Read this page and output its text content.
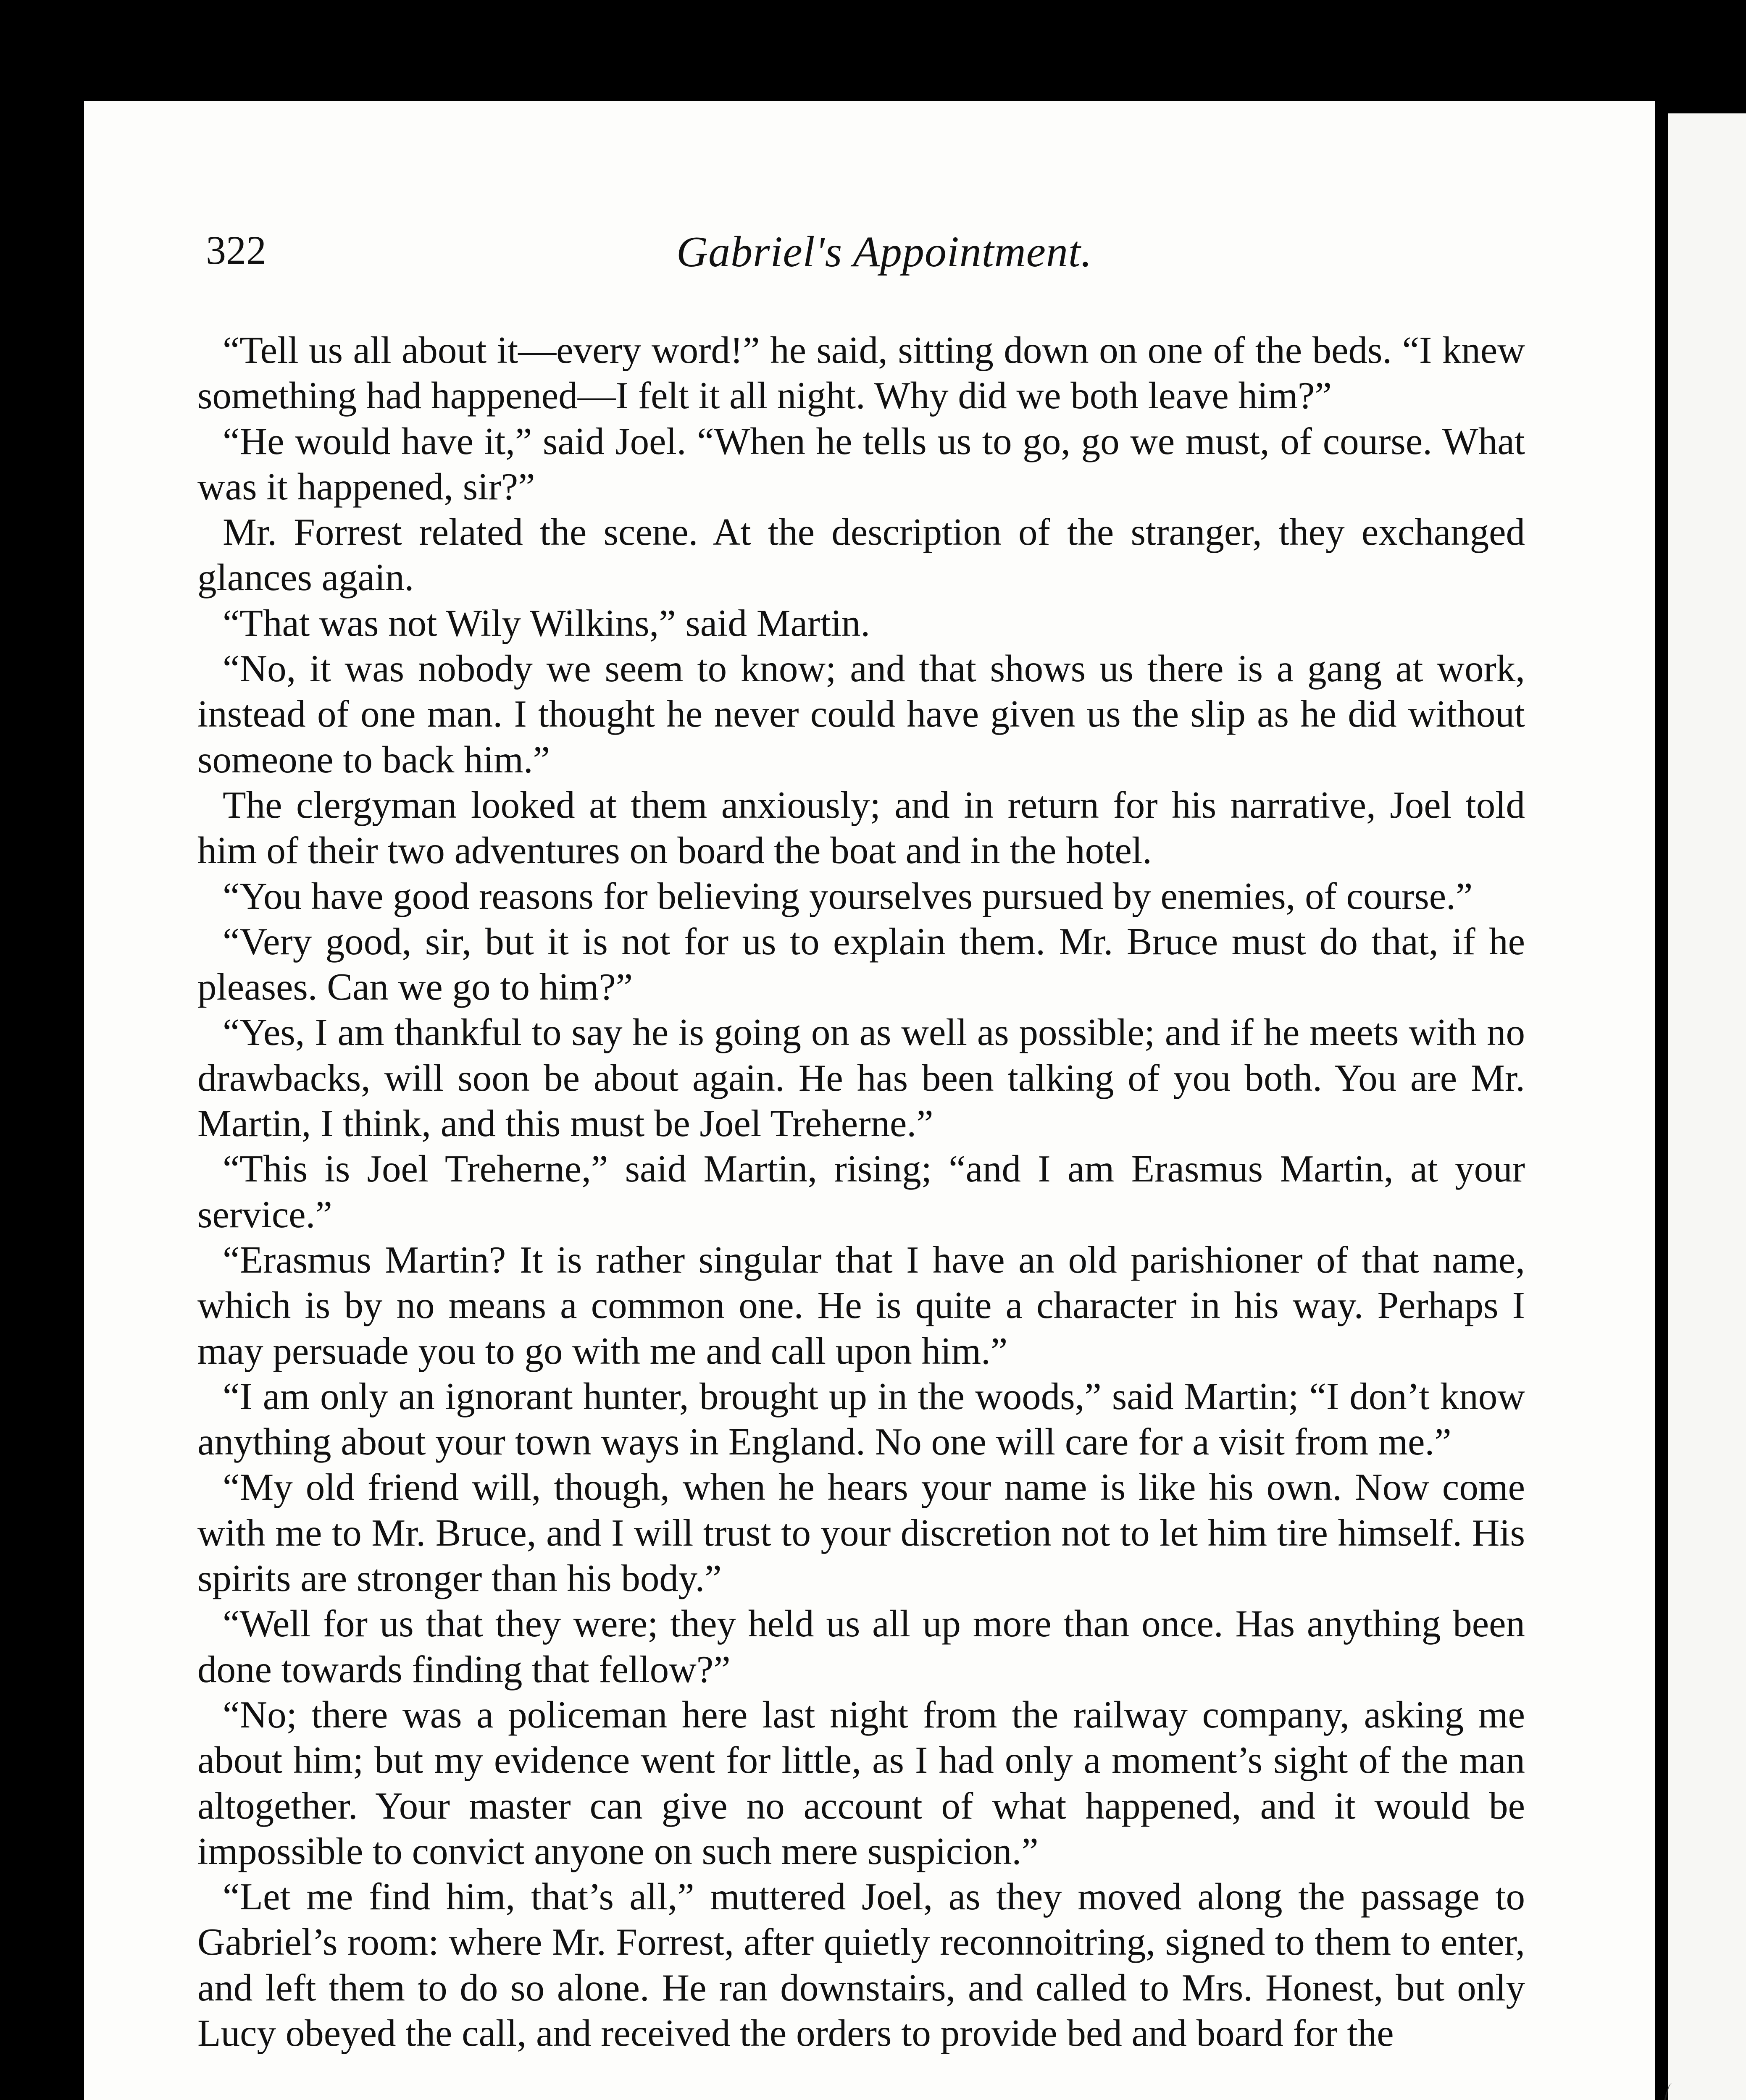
322	Gabriel's Appointment.

“Tell us all about it—every word!” he said, sitting down on one of the beds. “I knew something had happened—I felt it all night. Why did we both leave him?”

“He would have it,” said Joel. “When he tells us to go, go we must, of course. What was it happened, sir?”

Mr. Forrest related the scene. At the description of the stranger, they exchanged glances again.

“That was not Wily Wilkins,” said Martin.

“No, it was nobody we seem to know; and that shows us there is a gang at work, instead of one man. I thought he never could have given us the slip as he did without someone to back him.”

The clergyman looked at them anxiously; and in return for his narrative, Joel told him of their two adventures on board the boat and in the hotel.

“You have good reasons for believing yourselves pursued by enemies, of course.”

“Very good, sir, but it is not for us to explain them. Mr. Bruce must do that, if he pleases. Can we go to him?”

“Yes, I am thankful to say he is going on as well as possible; and if he meets with no drawbacks, will soon be about again. He has been talking of you both. You are Mr. Martin, I think, and this must be Joel Treherne.”

“This is Joel Treherne,” said Martin, rising; “and I am Erasmus Martin, at your service.”

“Erasmus Martin? It is rather singular that I have an old parishioner of that name, which is by no means a common one. He is quite a character in his way. Perhaps I may persuade you to go with me and call upon him.”

“I am only an ignorant hunter, brought up in the woods,” said Martin; “I don’t know anything about your town ways in England. No one will care for a visit from me.”

“My old friend will, though, when he hears your name is like his own. Now come with me to Mr. Bruce, and I will trust to your discretion not to let him tire himself. His spirits are stronger than his body.”

“Well for us that they were; they held us all up more than once. Has anything been done towards finding that fellow?”

“No; there was a policeman here last night from the railway company, asking me about him; but my evidence went for little, as I had only a moment’s sight of the man altogether. Your master can give no account of what happened, and it would be impossible to convict anyone on such mere suspicion.”

“Let me find him, that’s all,” muttered Joel, as they moved along the passage to Gabriel’s room: where Mr. Forrest, after quietly reconnoitring, signed to them to enter, and left them to do so alone. He ran downstairs, and called to Mrs. Honest, but only Lucy obeyed the call, and received the orders to provide bed and board for the
